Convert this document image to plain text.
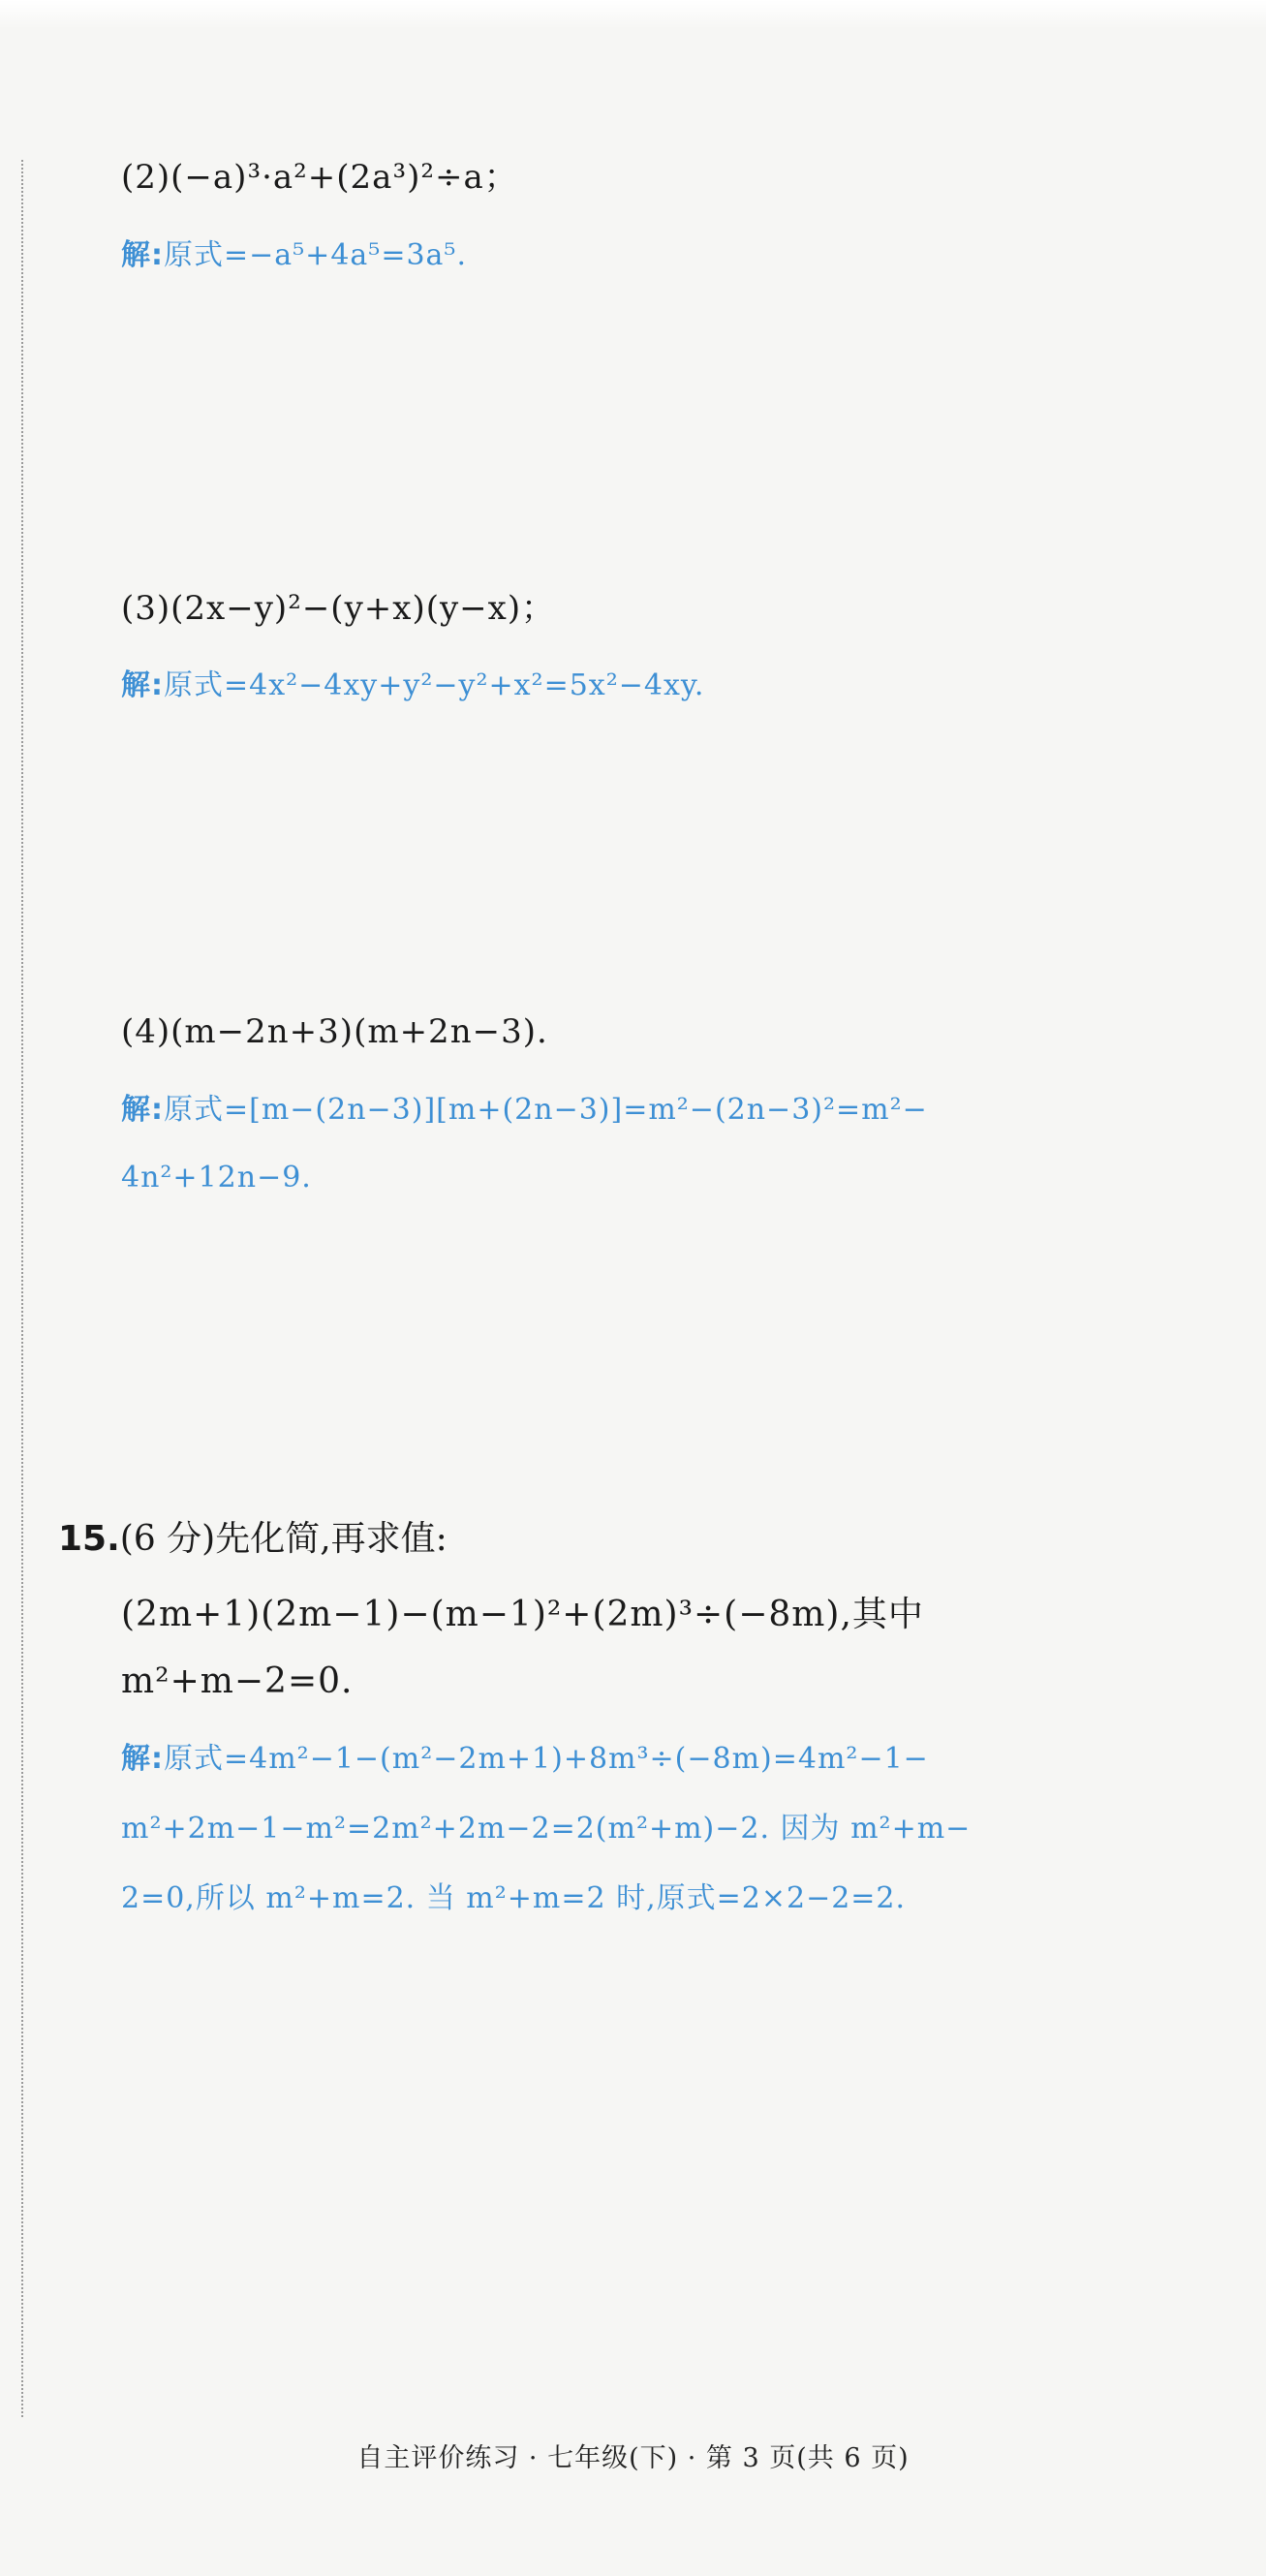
(2)(−a)³·a²+(2a³)²÷a；
解:原式=−a⁵+4a⁵=3a⁵.
(3)(2x−y)²−(y+x)(y−x)；
解:原式=4x²−4xy+y²−y²+x²=5x²−4xy.
(4)(m−2n+3)(m+2n−3).
解:原式=[m−(2n−3)][m+(2n−3)]=m²−(2n−3)²=m²−
4n²+12n−9.
15.(6 分)先化简,再求值:
(2m+1)(2m−1)−(m−1)²+(2m)³÷(−8m),其中
m²+m−2=0.
解:原式=4m²−1−(m²−2m+1)+8m³÷(−8m)=4m²−1−
m²+2m−1−m²=2m²+2m−2=2(m²+m)−2. 因为 m²+m−
2=0,所以 m²+m=2. 当 m²+m=2 时,原式=2×2−2=2.
自主评价练习 · 七年级(下) · 第 3 页(共 6 页)
